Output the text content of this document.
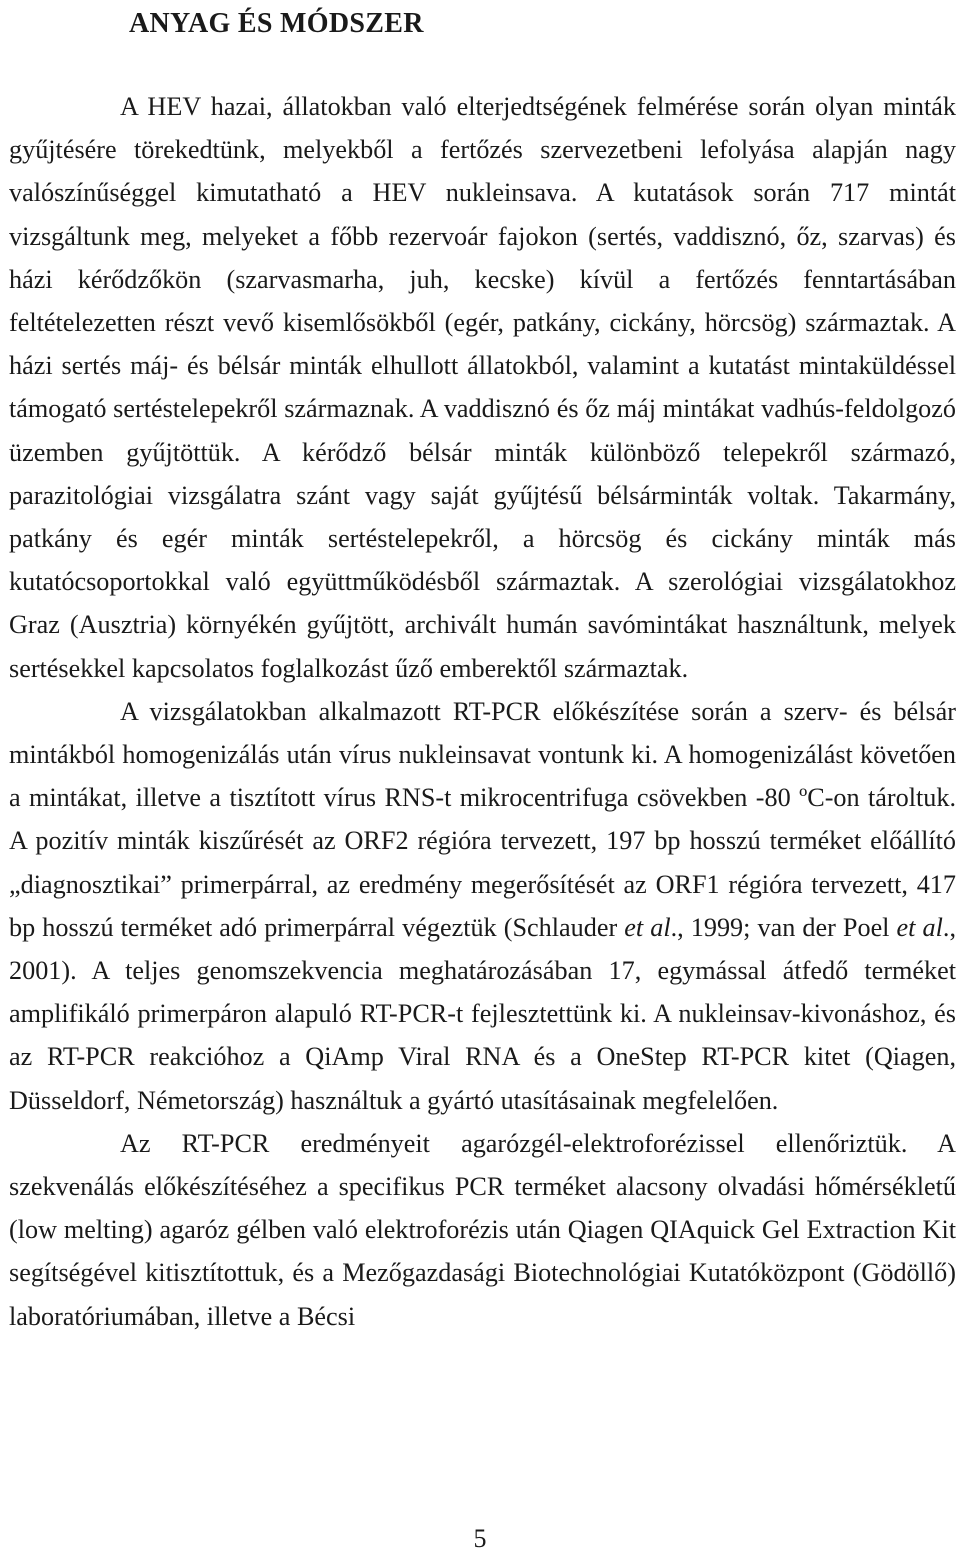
ANYAG ÉS MÓDSZER

A HEV hazai, állatokban való elterjedtségének felmérése során olyan minták gyűjtésére törekedtünk, melyekből a fertőzés szervezetbeni lefolyása alapján nagy valószínűséggel kimutatható a HEV nukleinsava. A kutatások során 717 mintát vizsgáltunk meg, melyeket a főbb rezervoár fajokon (sertés, vaddisznó, őz, szarvas) és házi kérődzőkön (szarvasmarha, juh, kecske) kívül a fertőzés fenntartásában feltételezetten részt vevő kisemlősökből (egér, patkány, cickány, hörcsög) származtak. A házi sertés máj- és bélsár minták elhullott állatokból, valamint a kutatást mintaküldéssel támogató sertéstelepekről származnak. A vaddisznó és őz máj mintákat vadhús-feldolgozó üzemben gyűjtöttük. A kérődző bélsár minták különböző telepekről származó, parazitológiai vizsgálatra szánt vagy saját gyűjtésű bélsárminták voltak. Takarmány, patkány és egér minták sertéstelepekről, a hörcsög és cickány minták más kutatócsoportokkal való együttműködésből származtak. A szerológiai vizsgálatokhoz Graz (Ausztria) környékén gyűjtött, archivált humán savómintákat használtunk, melyek sertésekkel kapcsolatos foglalkozást űző emberektől származtak.

A vizsgálatokban alkalmazott RT-PCR előkészítése során a szerv- és bélsár mintákból homogenizálás után vírus nukleinsavat vontunk ki. A homogenizálást követően a mintákat, illetve a tisztított vírus RNS-t mikrocentrifuga csövekben -80 ºC-on tároltuk. A pozitív minták kiszűrését az ORF2 régióra tervezett, 197 bp hosszú terméket előállító „diagnosztikai” primerpárral, az eredmény megerősítését az ORF1 régióra tervezett, 417 bp hosszú terméket adó primerpárral végeztük (Schlauder et al., 1999; van der Poel et al., 2001). A teljes genomszekvencia meghatározásában 17, egymással átfedő terméket amplifikáló primerpáron alapuló RT-PCR-t fejlesztettünk ki. A nukleinsav-kivonáshoz, és az RT-PCR reakcióhoz a QiAmp Viral RNA és a OneStep RT-PCR kitet (Qiagen, Düsseldorf, Németország) használtuk a gyártó utasításainak megfelelően.

Az RT-PCR eredményeit agarózgél-elektroforézissel ellenőriztük. A szekvenálás előkészítéséhez a specifikus PCR terméket alacsony olvadási hőmérsékletű (low melting) agaróz gélben való elektroforézis után Qiagen QIAquick Gel Extraction Kit segítségével kitisztítottuk, és a Mezőgazdasági Biotechnológiai Kutatóközpont (Gödöllő) laboratóriumában, illetve a Bécsi

5
